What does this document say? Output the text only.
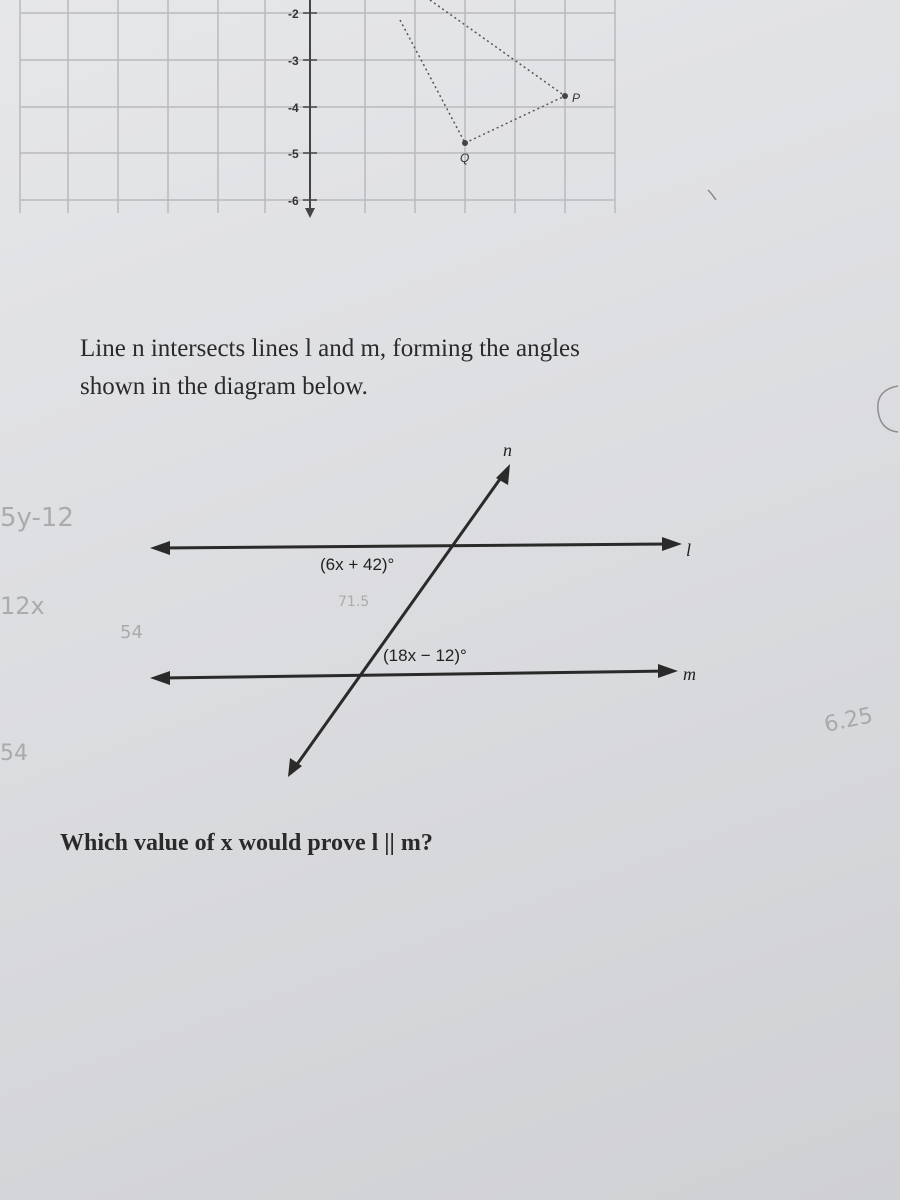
-2
-3
-4
-5
-6
P
Q
Line n intersects lines l and m, forming the angles
shown in the diagram below.
l
m
n
(6x + 42)°
(18x − 12)°
5y-12
12x
54
71.5
54
6.25
Which value of x would prove l || m?
